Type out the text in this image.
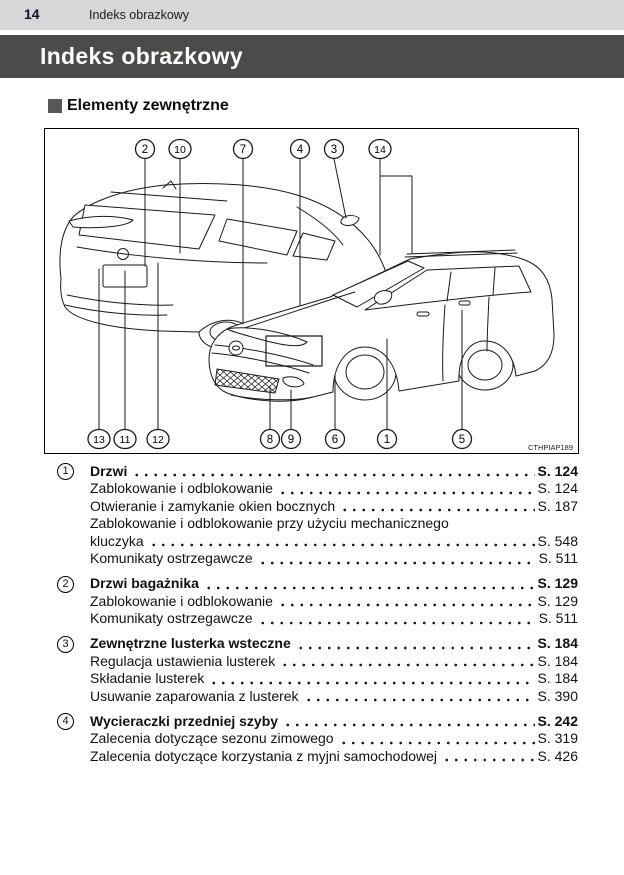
14	Indeks obrazkowy
Indeks obrazkowy
Elementy zewnętrzne
2 10	7	4 3	14
13 11 12	8 9	6	1	5
CTHPIAP189
1	Drzwi	S. 124
Zablokowanie i odblokowanie	S. 124
Otwieranie i zamykanie okien bocznych	S. 187
Zablokowanie i odblokowanie przy użyciu mechanicznego
kluczyka	S. 548
Komunikaty ostrzegawcze	S. 511
2	Drzwi bagażnika	S. 129
Zablokowanie i odblokowanie	S. 129
Komunikaty ostrzegawcze	S. 511
3	Zewnętrzne lusterka wsteczne	S. 184
Regulacja ustawienia lusterek	S. 184
Składanie lusterek	S. 184
Usuwanie zaparowania z lusterek	S. 390
4	Wycieraczki przedniej szyby	S. 242
Zalecenia dotyczące sezonu zimowego	S. 319
Zalecenia dotyczące korzystania z myjni samochodowej	S. 426
